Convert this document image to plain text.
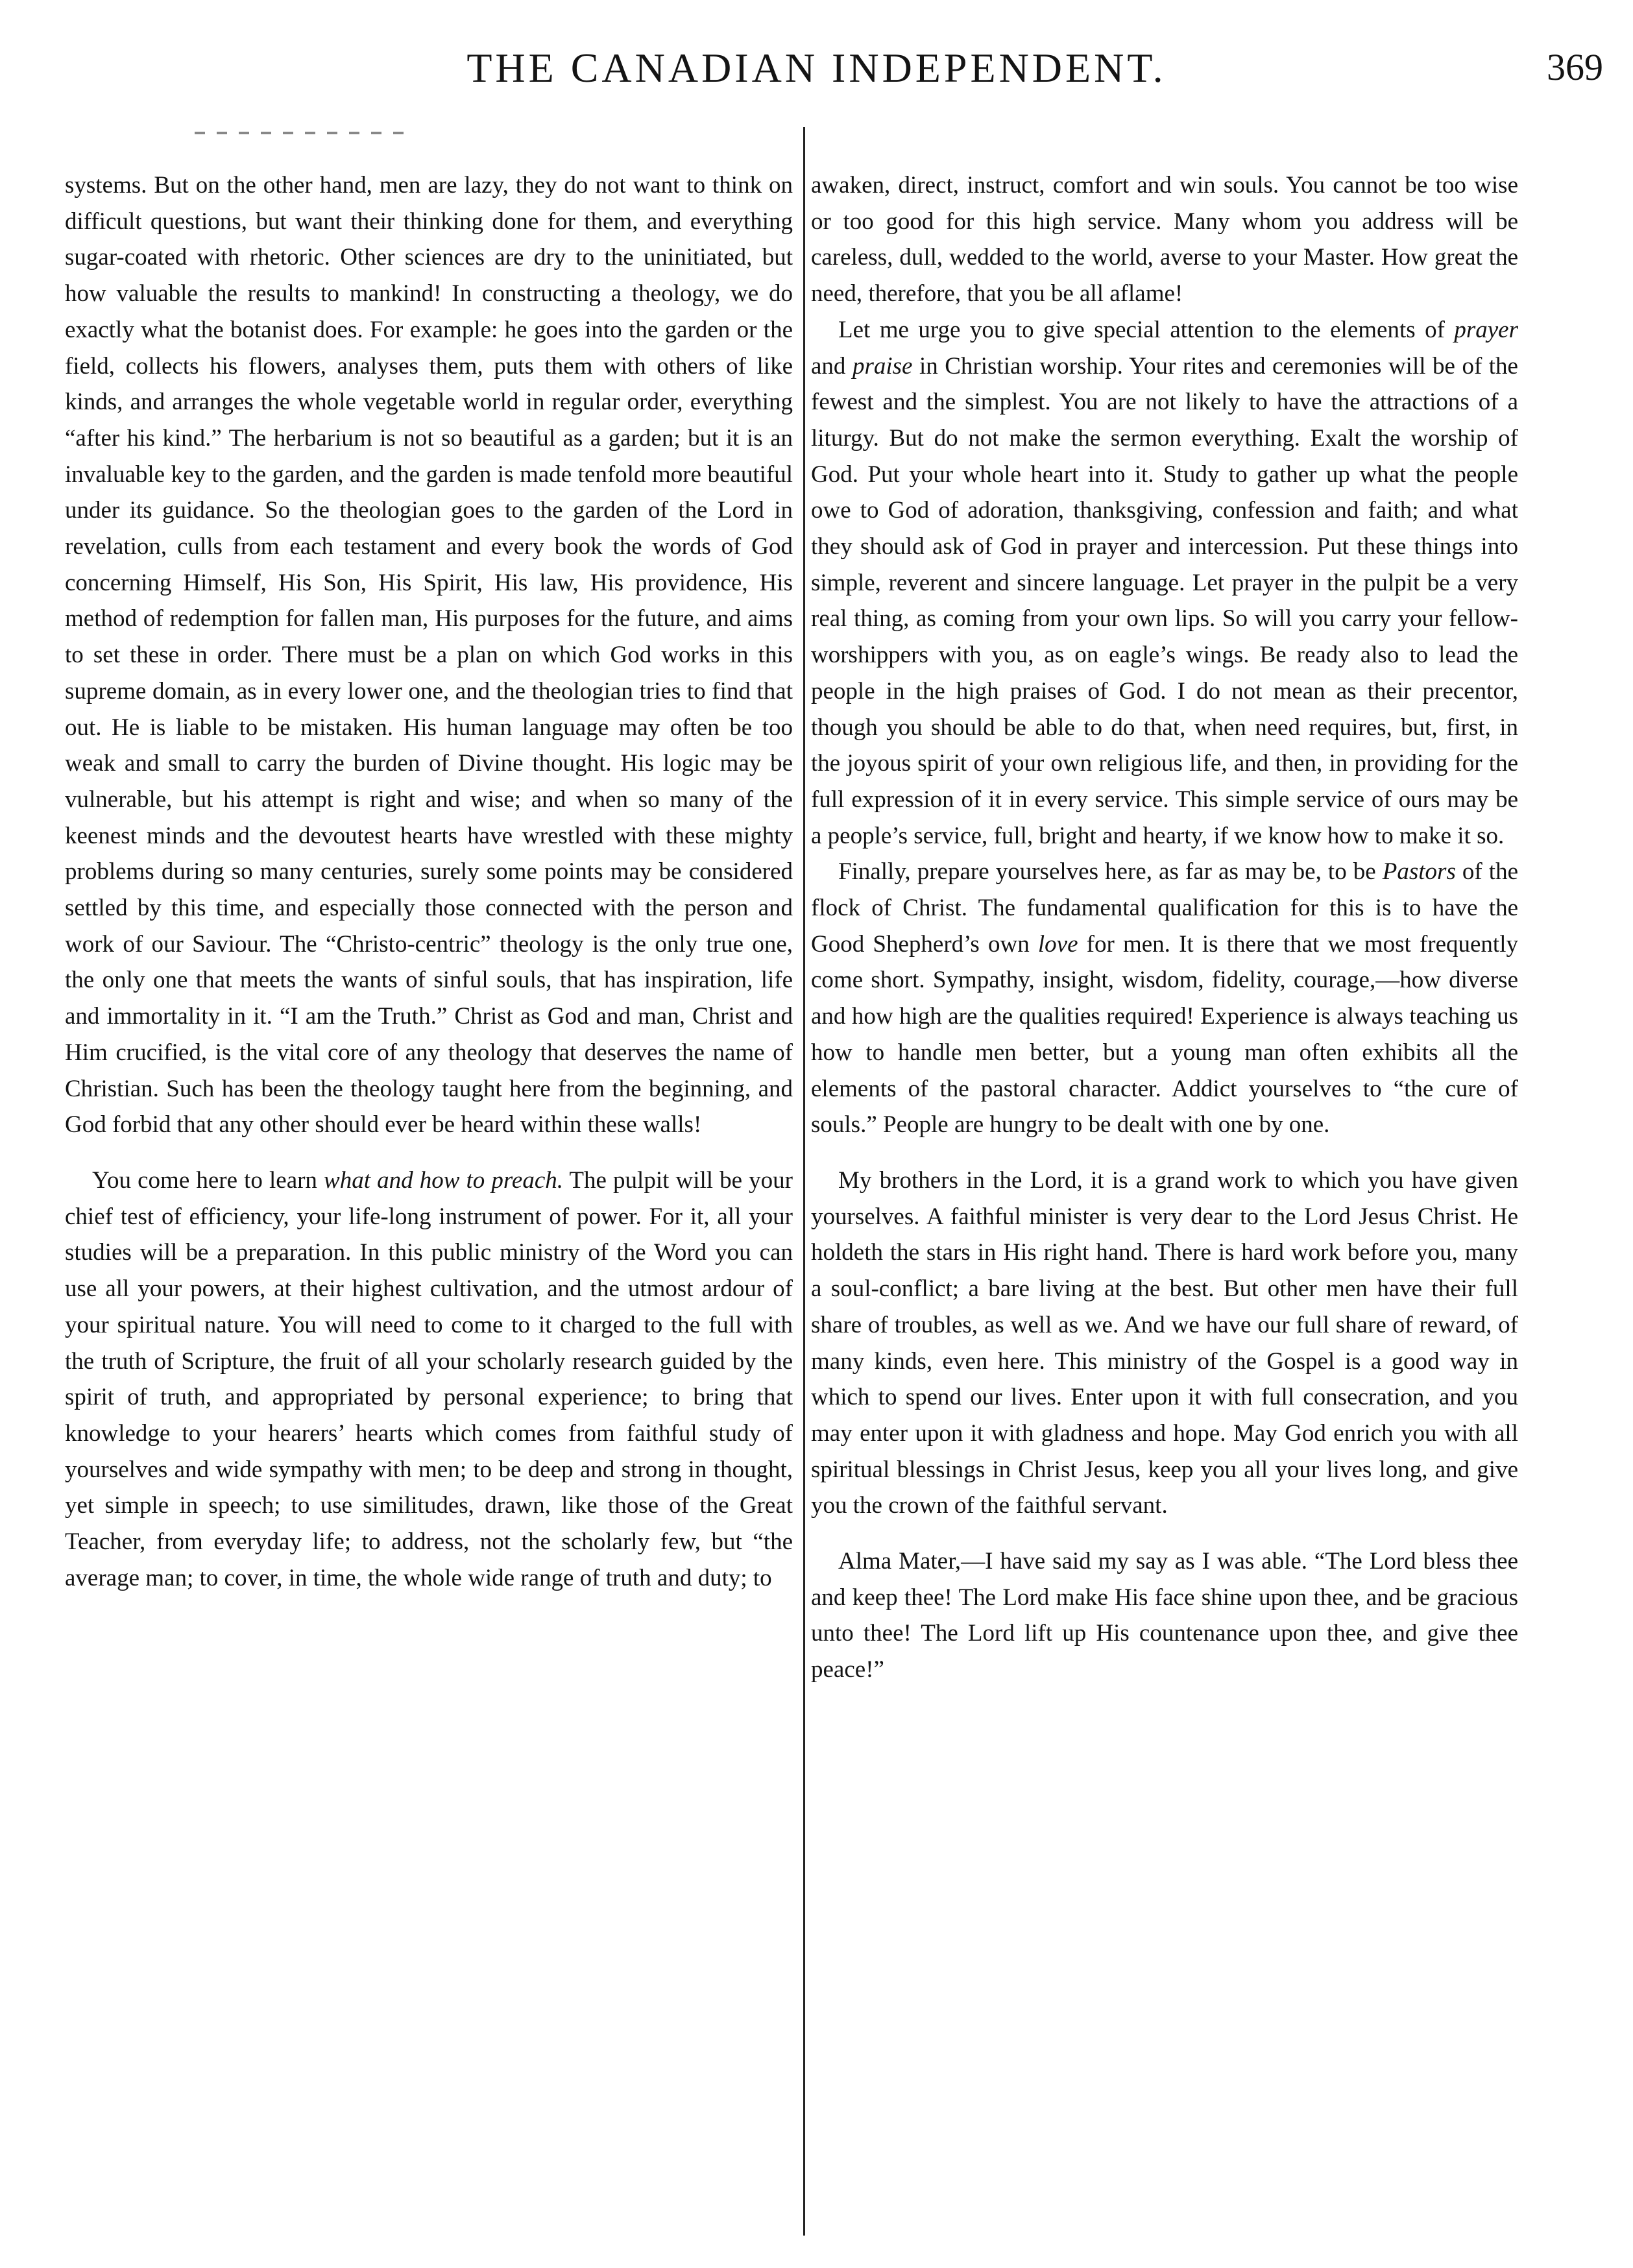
THE CANADIAN INDEPENDENT.	369

systems. But on the other hand, men are lazy, they do not want to think on difficult questions, but want their thinking done for them, and everything sugar-coated with rhetoric. Other sciences are dry to the uninitiated, but how valuable the results to mankind! In constructing a theology, we do exactly what the botanist does. For example: he goes into the garden or the field, collects his flowers, analyses them, puts them with others of like kinds, and arranges the whole vegetable world in regular order, everything “after his kind.” The herbarium is not so beautiful as a garden; but it is an invaluable key to the garden, and the garden is made tenfold more beautiful under its guidance. So the theologian goes to the garden of the Lord in revelation, culls from each testament and every book the words of God concerning Himself, His Son, His Spirit, His law, His providence, His method of redemption for fallen man, His purposes for the future, and aims to set these in order. There must be a plan on which God works in this supreme domain, as in every lower one, and the theologian tries to find that out. He is liable to be mistaken. His human language may often be too weak and small to carry the burden of Divine thought. His logic may be vulnerable, but his attempt is right and wise; and when so many of the keenest minds and the devoutest hearts have wrestled with these mighty problems during so many centuries, surely some points may be considered settled by this time, and especially those connected with the person and work of our Saviour. The “Christo-centric” theology is the only true one, the only one that meets the wants of sinful souls, that has inspiration, life and immortality in it. “I am the Truth.” Christ as God and man, Christ and Him crucified, is the vital core of any theology that deserves the name of Christian. Such has been the theology taught here from the beginning, and God forbid that any other should ever be heard within these walls!

You come here to learn what and how to preach. The pulpit will be your chief test of efficiency, your life-long instrument of power. For it, all your studies will be a preparation. In this public ministry of the Word you can use all your powers, at their highest cultivation, and the utmost ardour of your spiritual nature. You will need to come to it charged to the full with the truth of Scripture, the fruit of all your scholarly research guided by the spirit of truth, and appropriated by personal experience; to bring that knowledge to your hearers’ hearts which comes from faithful study of yourselves and wide sympathy with men; to be deep and strong in thought, yet simple in speech; to use similitudes, drawn, like those of the Great Teacher, from everyday life; to address, not the scholarly few, but “the average man; to cover, in time, the whole wide range of truth and duty; to

awaken, direct, instruct, comfort and win souls. You cannot be too wise or too good for this high service. Many whom you address will be careless, dull, wedded to the world, averse to your Master. How great the need, therefore, that you be all aflame!

Let me urge you to give special attention to the elements of prayer and praise in Christian worship. Your rites and ceremonies will be of the fewest and the simplest. You are not likely to have the attractions of a liturgy. But do not make the sermon everything. Exalt the worship of God. Put your whole heart into it. Study to gather up what the people owe to God of adoration, thanksgiving, confession and faith; and what they should ask of God in prayer and intercession. Put these things into simple, reverent and sincere language. Let prayer in the pulpit be a very real thing, as coming from your own lips. So will you carry your fellow-worshippers with you, as on eagle’s wings. Be ready also to lead the people in the high praises of God. I do not mean as their precentor, though you should be able to do that, when need requires, but, first, in the joyous spirit of your own religious life, and then, in providing for the full expression of it in every service. This simple service of ours may be a people’s service, full, bright and hearty, if we know how to make it so.

Finally, prepare yourselves here, as far as may be, to be Pastors of the flock of Christ. The fundamental qualification for this is to have the Good Shepherd’s own love for men. It is there that we most frequently come short. Sympathy, insight, wisdom, fidelity, courage,—how diverse and how high are the qualities required! Experience is always teaching us how to handle men better, but a young man often exhibits all the elements of the pastoral character. Addict yourselves to “the cure of souls.” People are hungry to be dealt with one by one.

My brothers in the Lord, it is a grand work to which you have given yourselves. A faithful minister is very dear to the Lord Jesus Christ. He holdeth the stars in His right hand. There is hard work before you, many a soul-conflict; a bare living at the best. But other men have their full share of troubles, as well as we. And we have our full share of reward, of many kinds, even here. This ministry of the Gospel is a good way in which to spend our lives. Enter upon it with full consecration, and you may enter upon it with gladness and hope. May God enrich you with all spiritual blessings in Christ Jesus, keep you all your lives long, and give you the crown of the faithful servant.

Alma Mater,—I have said my say as I was able. “The Lord bless thee and keep thee! The Lord make His face shine upon thee, and be gracious unto thee! The Lord lift up His countenance upon thee, and give thee peace!”
